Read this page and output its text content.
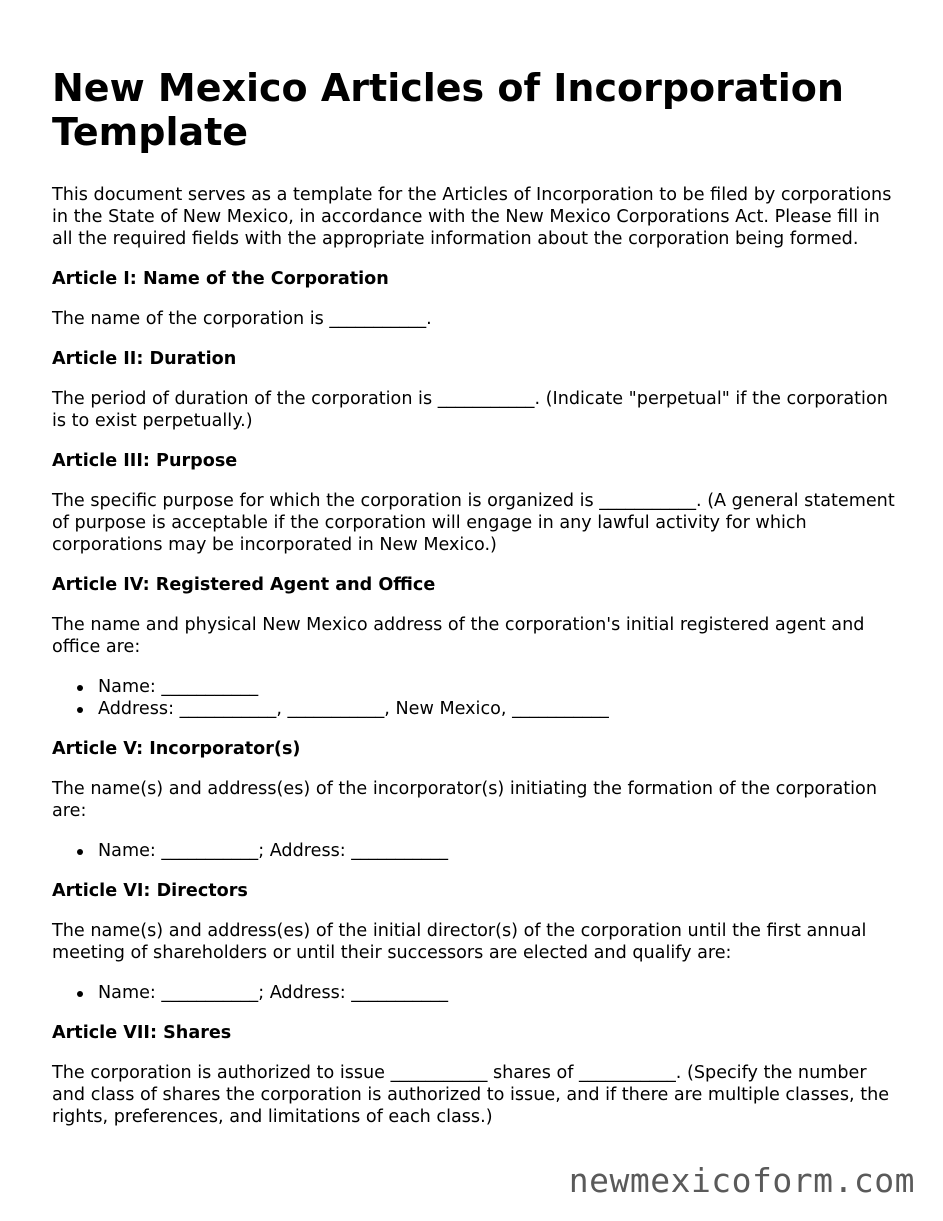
New Mexico Articles of Incorporation Template

This document serves as a template for the Articles of Incorporation to be filed by corporations in the State of New Mexico, in accordance with the New Mexico Corporations Act. Please fill in all the required fields with the appropriate information about the corporation being formed.

Article I: Name of the Corporation

The name of the corporation is ___________.

Article II: Duration

The period of duration of the corporation is ___________. (Indicate "perpetual" if the corporation is to exist perpetually.)

Article III: Purpose

The specific purpose for which the corporation is organized is ___________. (A general statement of purpose is acceptable if the corporation will engage in any lawful activity for which corporations may be incorporated in New Mexico.)

Article IV: Registered Agent and Office

The name and physical New Mexico address of the corporation's initial registered agent and office are:

Name: ___________
Address: ___________, ___________, New Mexico, ___________
Article V: Incorporator(s)

The name(s) and address(es) of the incorporator(s) initiating the formation of the corporation are:

Name: ___________; Address: ___________
Article VI: Directors

The name(s) and address(es) of the initial director(s) of the corporation until the first annual meeting of shareholders or until their successors are elected and qualify are:

Name: ___________; Address: ___________
Article VII: Shares

The corporation is authorized to issue ___________ shares of ___________. (Specify the number and class of shares the corporation is authorized to issue, and if there are multiple classes, the rights, preferences, and limitations of each class.)

newmexicoform.com
